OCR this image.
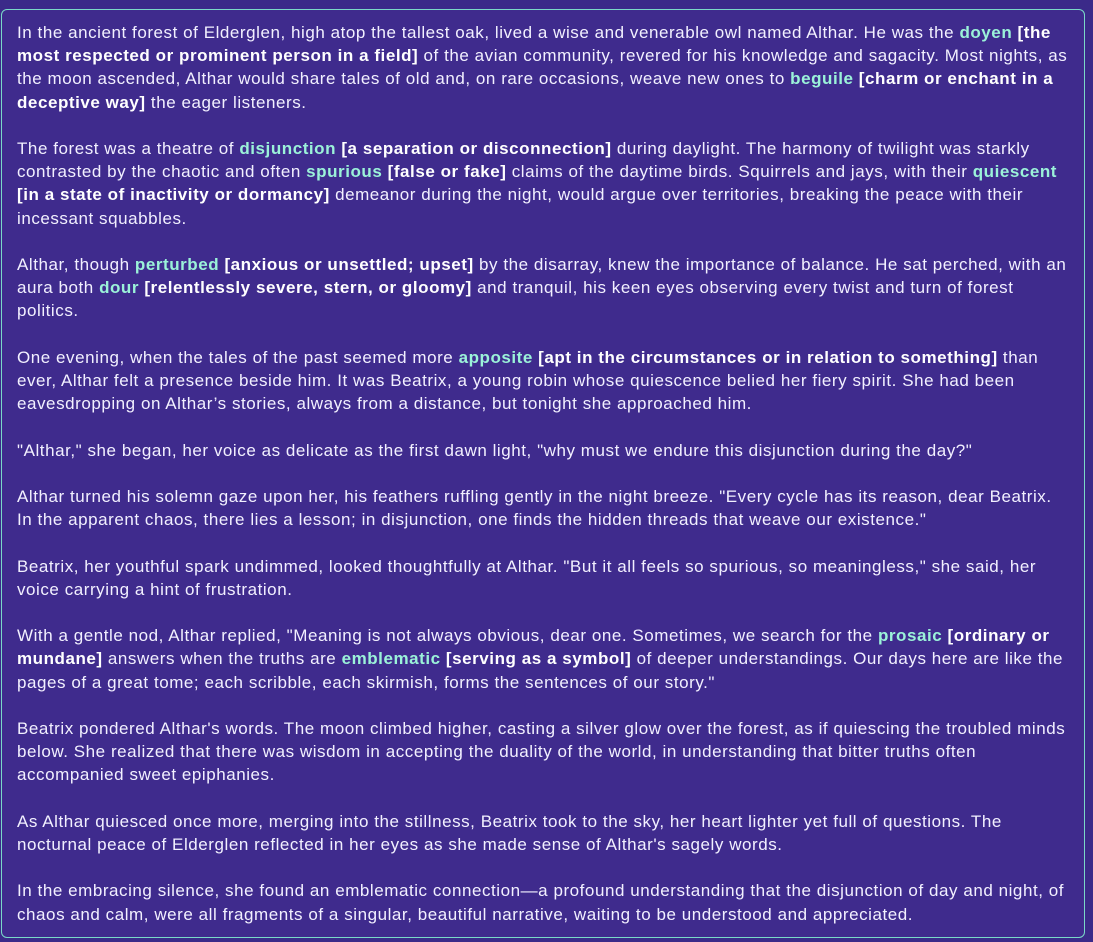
In the ancient forest of Elderglen, high atop the tallest oak, lived a wise and venerable owl named Althar. He was the doyen [the most respected or prominent person in a field] of the avian community, revered for his knowledge and sagacity. Most nights, as the moon ascended, Althar would share tales of old and, on rare occasions, weave new ones to beguile [charm or enchant in a deceptive way] the eager listeners.

The forest was a theatre of disjunction [a separation or disconnection] during daylight. The harmony of twilight was starkly contrasted by the chaotic and often spurious [false or fake] claims of the daytime birds. Squirrels and jays, with their quiescent [in a state of inactivity or dormancy] demeanor during the night, would argue over territories, breaking the peace with their incessant squabbles.

Althar, though perturbed [anxious or unsettled; upset] by the disarray, knew the importance of balance. He sat perched, with an aura both dour [relentlessly severe, stern, or gloomy] and tranquil, his keen eyes observing every twist and turn of forest politics.

One evening, when the tales of the past seemed more apposite [apt in the circumstances or in relation to something] than ever, Althar felt a presence beside him. It was Beatrix, a young robin whose quiescence belied her fiery spirit. She had been eavesdropping on Althar’s stories, always from a distance, but tonight she approached him.

"Althar," she began, her voice as delicate as the first dawn light, "why must we endure this disjunction during the day?"

Althar turned his solemn gaze upon her, his feathers ruffling gently in the night breeze. "Every cycle has its reason, dear Beatrix. In the apparent chaos, there lies a lesson; in disjunction, one finds the hidden threads that weave our existence."

Beatrix, her youthful spark undimmed, looked thoughtfully at Althar. "But it all feels so spurious, so meaningless," she said, her voice carrying a hint of frustration.

With a gentle nod, Althar replied, "Meaning is not always obvious, dear one. Sometimes, we search for the prosaic [ordinary or mundane] answers when the truths are emblematic [serving as a symbol] of deeper understandings. Our days here are like the pages of a great tome; each scribble, each skirmish, forms the sentences of our story."

Beatrix pondered Althar's words. The moon climbed higher, casting a silver glow over the forest, as if quiescing the troubled minds below. She realized that there was wisdom in accepting the duality of the world, in understanding that bitter truths often accompanied sweet epiphanies.

As Althar quiesced once more, merging into the stillness, Beatrix took to the sky, her heart lighter yet full of questions. The nocturnal peace of Elderglen reflected in her eyes as she made sense of Althar's sagely words.

In the embracing silence, she found an emblematic connection—a profound understanding that the disjunction of day and night, of chaos and calm, were all fragments of a singular, beautiful narrative, waiting to be understood and appreciated.
